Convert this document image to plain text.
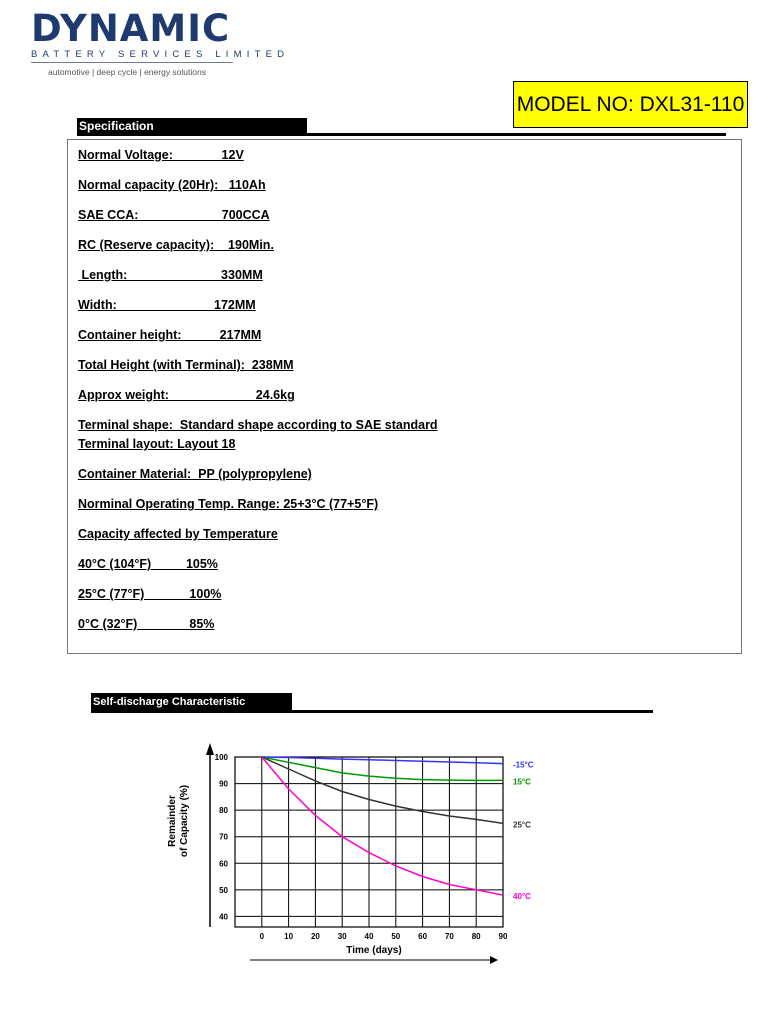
DYNAMIC
BATTERY SERVICES LIMITED
automotive | deep cycle | energy solutions
MODEL NO: DXL31-110
Specification
Normal Voltage:              12V
Normal capacity (20Hr):   110Ah
SAE CCA:                        700CCA
RC (Reserve capacity):    190Min.
Length:                           330MM
Width:                            172MM
Container height:           217MM
Total Height (with Terminal):  238MM
Approx weight:                         24.6kg
Terminal shape:  Standard shape according to SAE standard
Terminal layout: Layout 18
Container Material:  PP (polypropylene)
Norminal Operating Temp. Range: 25+3°C (77+5°F)
Capacity affected by Temperature
40°C (104°F)          105%
25°C (77°F)             100%
0°C (32°F)               85%
Self-discharge Characteristic
100
90
80
70
60
50
40
0	10 20 30 40 50 60 70 80 90
-15°C
15°C
25°C
40°C
Time (days)
Remainder of Capacity (%)
